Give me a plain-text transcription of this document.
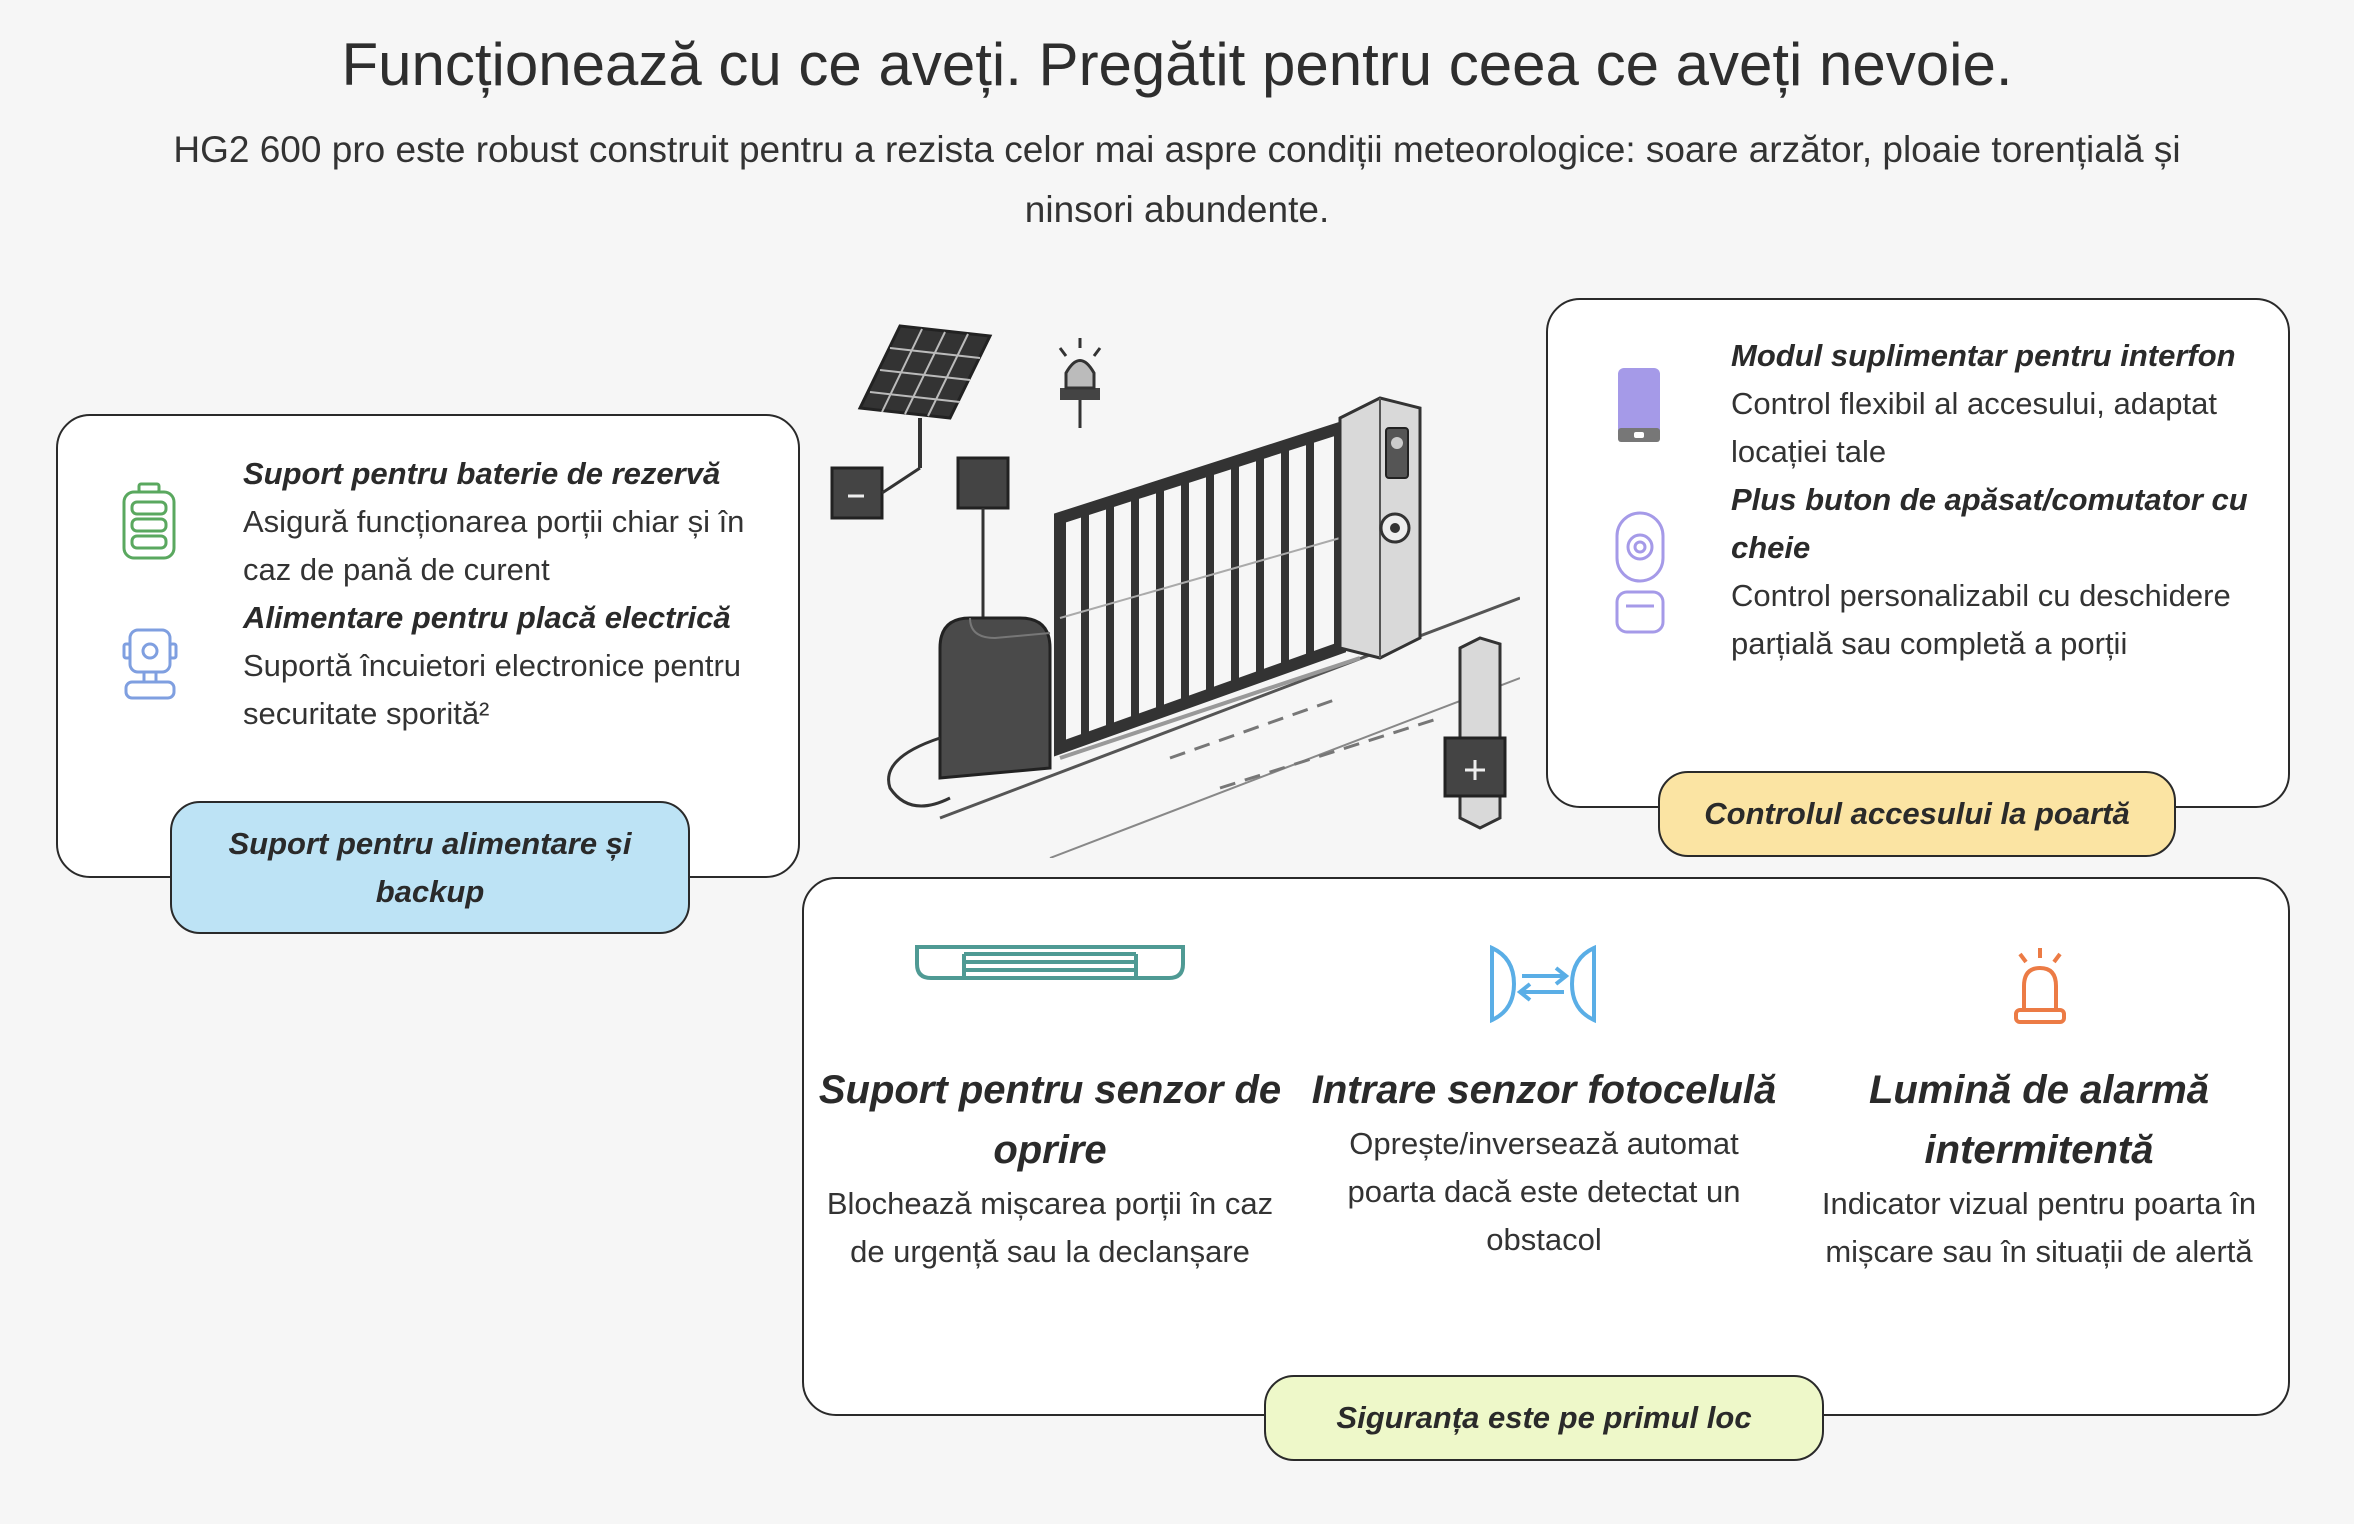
Funcționează cu ce aveți. Pregătit pentru ceea ce aveți nevoie.

HG2 600 pro este robust construit pentru a rezista celor mai aspre condiții meteorologice: soare arzător, ploaie torențială și ninsori abundente.

Suport pentru baterie de rezervă
Asigură funcționarea porții chiar și în caz de pană de curent
Alimentare pentru placă electrică
Suportă încuietori electronice pentru securitate sporită²
Suport pentru alimentare și backup
Modul suplimentar pentru interfon
Control flexibil al accesului, adaptat locației tale
Plus buton de apăsat/comutator cu cheie
Control personalizabil cu deschidere parțială sau completă a porții
Controlul accesului la poartă
Suport pentru senzor de oprire
Blochează mișcarea porții în caz de urgență sau la declanșare
Intrare senzor fotocelulă
Oprește/inversează automat poarta dacă este detectat un obstacol
Lumină de alarmă intermitentă
Indicator vizual pentru poarta în mișcare sau în situații de alertă
Siguranța este pe primul loc
